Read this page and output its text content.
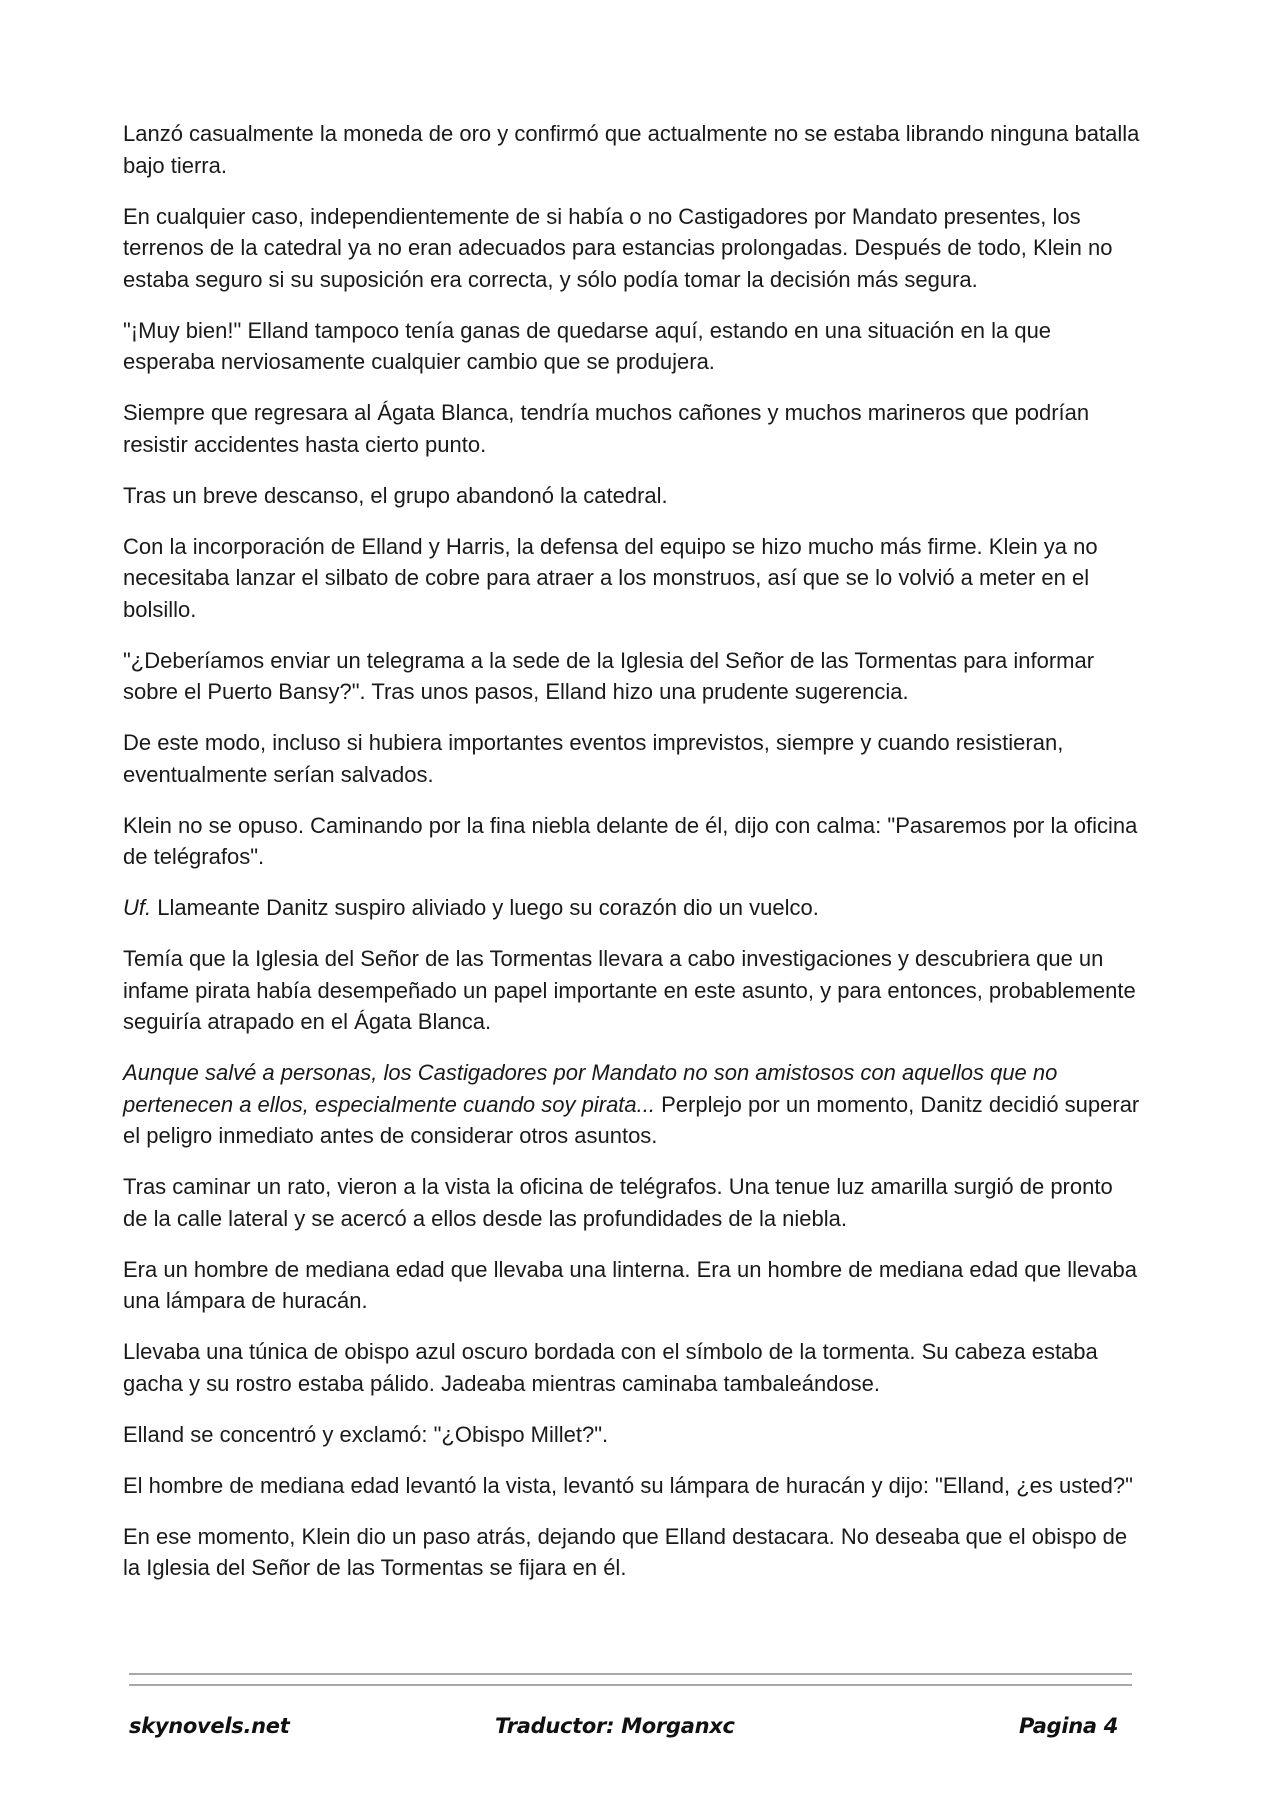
Lanzó casualmente la moneda de oro y confirmó que actualmente no se estaba librando ninguna batalla bajo tierra.

En cualquier caso, independientemente de si había o no Castigadores por Mandato presentes, los terrenos de la catedral ya no eran adecuados para estancias prolongadas. Después de todo, Klein no estaba seguro si su suposición era correcta, y sólo podía tomar la decisión más segura.

"¡Muy bien!" Elland tampoco tenía ganas de quedarse aquí, estando en una situación en la que esperaba nerviosamente cualquier cambio que se produjera.

Siempre que regresara al Ágata Blanca, tendría muchos cañones y muchos marineros que podrían resistir accidentes hasta cierto punto.

Tras un breve descanso, el grupo abandonó la catedral.

Con la incorporación de Elland y Harris, la defensa del equipo se hizo mucho más firme. Klein ya no necesitaba lanzar el silbato de cobre para atraer a los monstruos, así que se lo volvió a meter en el bolsillo.

"¿Deberíamos enviar un telegrama a la sede de la Iglesia del Señor de las Tormentas para informar sobre el Puerto Bansy?". Tras unos pasos, Elland hizo una prudente sugerencia.

De este modo, incluso si hubiera importantes eventos imprevistos, siempre y cuando resistieran, eventualmente serían salvados.

Klein no se opuso. Caminando por la fina niebla delante de él, dijo con calma: "Pasaremos por la oficina de telégrafos".

Uf. Llameante Danitz suspiro aliviado y luego su corazón dio un vuelco.

Temía que la Iglesia del Señor de las Tormentas llevara a cabo investigaciones y descubriera que un infame pirata había desempeñado un papel importante en este asunto, y para entonces, probablemente seguiría atrapado en el Ágata Blanca.

Aunque salvé a personas, los Castigadores por Mandato no son amistosos con aquellos que no pertenecen a ellos, especialmente cuando soy pirata... Perplejo por un momento, Danitz decidió superar el peligro inmediato antes de considerar otros asuntos.

Tras caminar un rato, vieron a la vista la oficina de telégrafos. Una tenue luz amarilla surgió de pronto de la calle lateral y se acercó a ellos desde las profundidades de la niebla.

Era un hombre de mediana edad que llevaba una linterna. Era un hombre de mediana edad que llevaba una lámpara de huracán.

Llevaba una túnica de obispo azul oscuro bordada con el símbolo de la tormenta. Su cabeza estaba gacha y su rostro estaba pálido. Jadeaba mientras caminaba tambaleándose.

Elland se concentró y exclamó: "¿Obispo Millet?".

El hombre de mediana edad levantó la vista, levantó su lámpara de huracán y dijo: "Elland, ¿es usted?"

En ese momento, Klein dio un paso atrás, dejando que Elland destacara. No deseaba que el obispo de la Iglesia del Señor de las Tormentas se fijara en él.

skynovels.net	Traductor: Morganxc	Pagina 4
